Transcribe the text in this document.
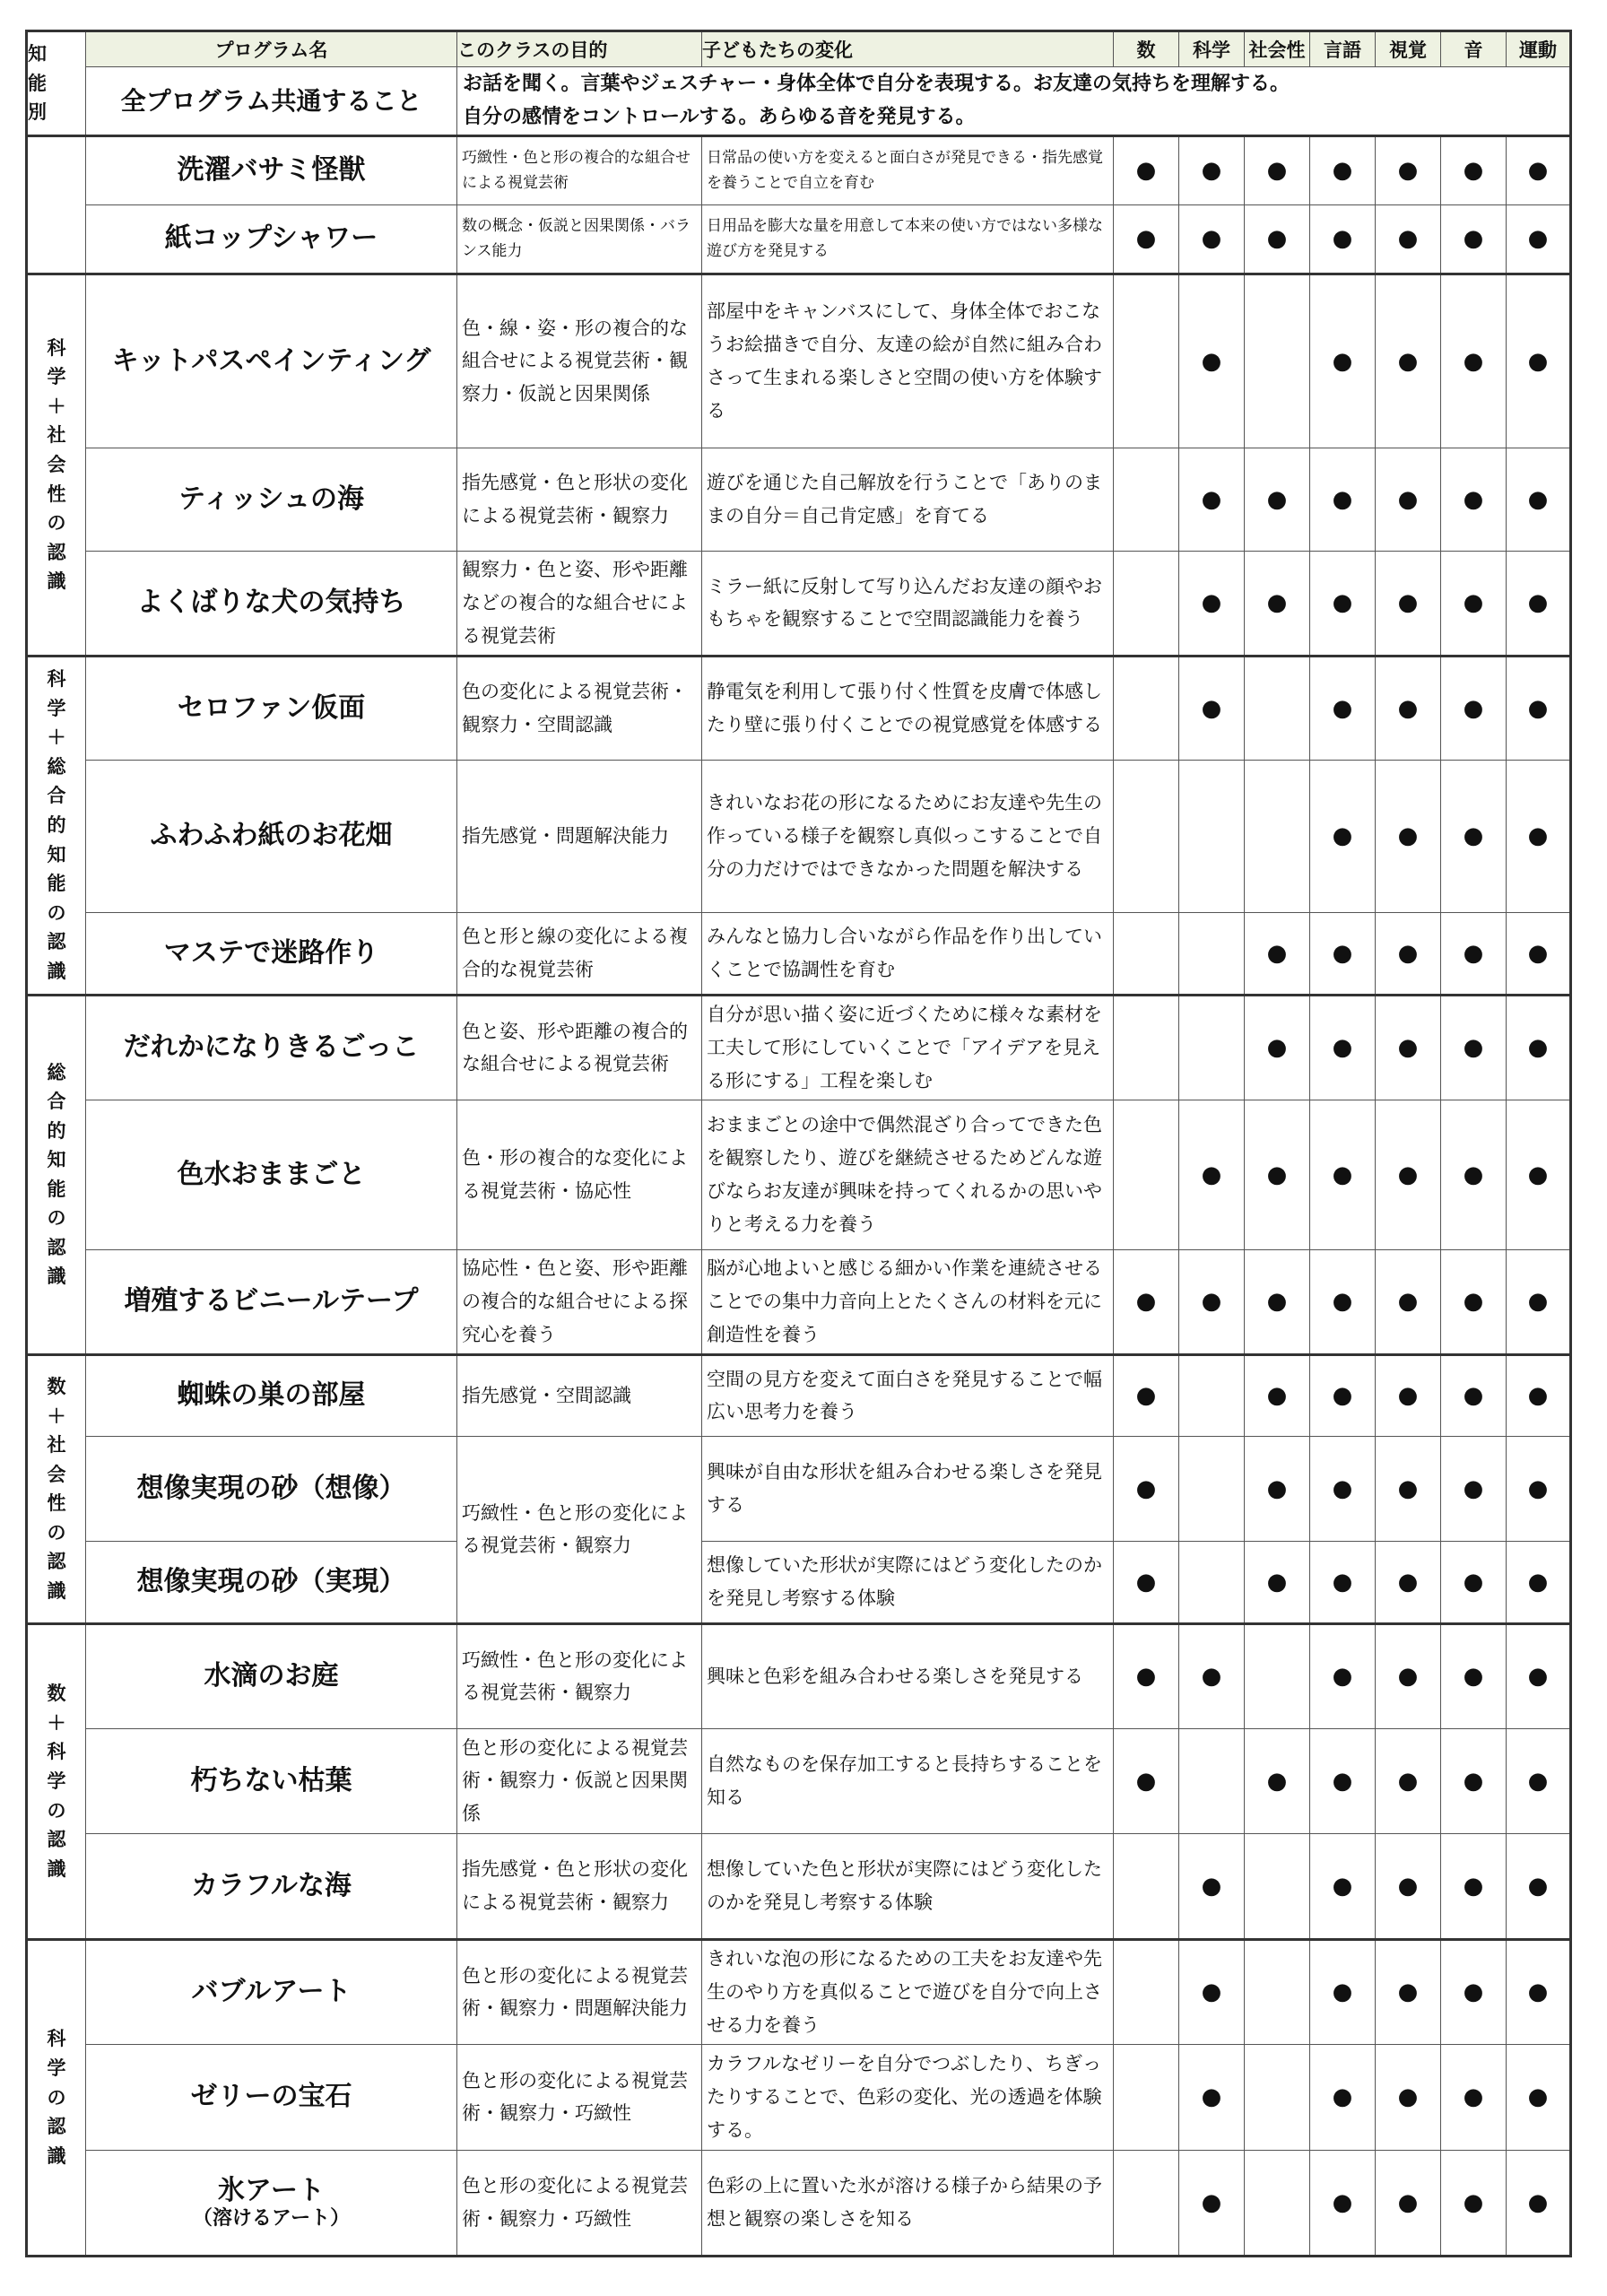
知能別	プログラム名	このクラスの目的	子どもたちの変化	数	科学	社会性	言語	視覚	音	運動
	全プログラム共通すること	お話を聞く。言葉やジェスチャー・身体全体で自分を表現する。お友達の気持ちを理解する。
自分の感情をコントロールする。あらゆる音を発見する。								

	洗濯バサミ怪獣	巧緻性・色と形の複合的な組合せによる視覚芸術	日常品の使い方を変えると面白さが発見できる・指先感覚を養うことで自立を育む	●	●	●	●	●	●	●
	紙コップシャワー	数の概念・仮説と因果関係・バランス能力	日用品を膨大な量を用意して本来の使い方ではない多様な遊び方を発見する	●	●	●	●	●	●	●
科学＋社会性の認識	キットパスペインティング	色・線・姿・形の複合的な組合せによる視覚芸術・観察力・仮説と因果関係	部屋中をキャンバスにして、身体全体でおこなうお絵描きで自分、友達の絵が自然に組み合わさって生まれる楽しさと空間の使い方を体験する		●		●	●	●	●
	ティッシュの海	指先感覚・色と形状の変化による視覚芸術・観察力	遊びを通じた自己解放を行うことで「ありのままの自分＝自己肯定感」を育てる		●	●	●	●	●	●
	よくばりな犬の気持ち	観察力・色と姿、形や距離などの複合的な組合せによる視覚芸術	ミラー紙に反射して写り込んだお友達の顔やおもちゃを観察することで空間認識能力を養う		●	●	●	●	●	●
科学＋総合的知能の認識	セロファン仮面	色の変化による視覚芸術・観察力・空間認識	静電気を利用して張り付く性質を皮膚で体感したり壁に張り付くことでの視覚感覚を体感する		●		●	●	●	●
	ふわふわ紙のお花畑	指先感覚・問題解決能力	きれいなお花の形になるためにお友達や先生の作っている様子を観察し真似っこすることで自分の力だけではできなかった問題を解決する				●	●	●	●
	マステで迷路作り	色と形と線の変化による複合的な視覚芸術	みんなと協力し合いながら作品を作り出していくことで協調性を育む			●	●	●	●	●
総合的知能の認識	だれかになりきるごっこ	色と姿、形や距離の複合的な組合せによる視覚芸術	自分が思い描く姿に近づくために様々な素材を工夫して形にしていくことで「アイデアを見える形にする」工程を楽しむ			●	●	●	●	●
	色水おままごと	色・形の複合的な変化による視覚芸術・協応性	おままごとの途中で偶然混ざり合ってできた色を観察したり、遊びを継続させるためどんな遊びならお友達が興味を持ってくれるかの思いやりと考える力を養う		●	●	●	●	●	●
	増殖するビニールテープ	協応性・色と姿、形や距離の複合的な組合せによる探究心を養う	脳が心地よいと感じる細かい作業を連続させることでの集中力音向上とたくさんの材料を元に創造性を養う	●	●	●	●	●	●	●
数＋社会性の認識	蜘蛛の巣の部屋	指先感覚・空間認識	空間の見方を変えて面白さを発見することで幅広い思考力を養う	●		●	●	●	●	●
	想像実現の砂（想像）	巧緻性・色と形の変化による視覚芸術・観察力	興味が自由な形状を組み合わせる楽しさを発見する	●		●	●	●	●	●
	想像実現の砂（実現）		想像していた形状が実際にはどう変化したのかを発見し考察する体験	●		●	●	●	●	●
数＋科学の認識	水滴のお庭	巧緻性・色と形の変化による視覚芸術・観察力	興味と色彩を組み合わせる楽しさを発見する	●	●		●	●	●	●
	朽ちない枯葉	色と形の変化による視覚芸術・観察力・仮説と因果関係	自然なものを保存加工すると長持ちすることを知る	●		●	●	●	●	●
	カラフルな海	指先感覚・色と形状の変化による視覚芸術・観察力	想像していた色と形状が実際にはどう変化したのかを発見し考察する体験		●		●	●	●	●
科学の認識	バブルアート	色と形の変化による視覚芸術・観察力・問題解決能力	きれいな泡の形になるための工夫をお友達や先生のやり方を真似ることで遊びを自分で向上させる力を養う		●		●	●	●	●
	ゼリーの宝石	色と形の変化による視覚芸術・観察力・巧緻性	カラフルなゼリーを自分でつぶしたり、ちぎったりすることで、色彩の変化、光の透過を体験する。		●		●	●	●	●
	氷アート
（溶けるアート）	色と形の変化による視覚芸術・観察力・巧緻性	色彩の上に置いた氷が溶ける様子から結果の予想と観察の楽しさを知る		●		●	●	●	●
